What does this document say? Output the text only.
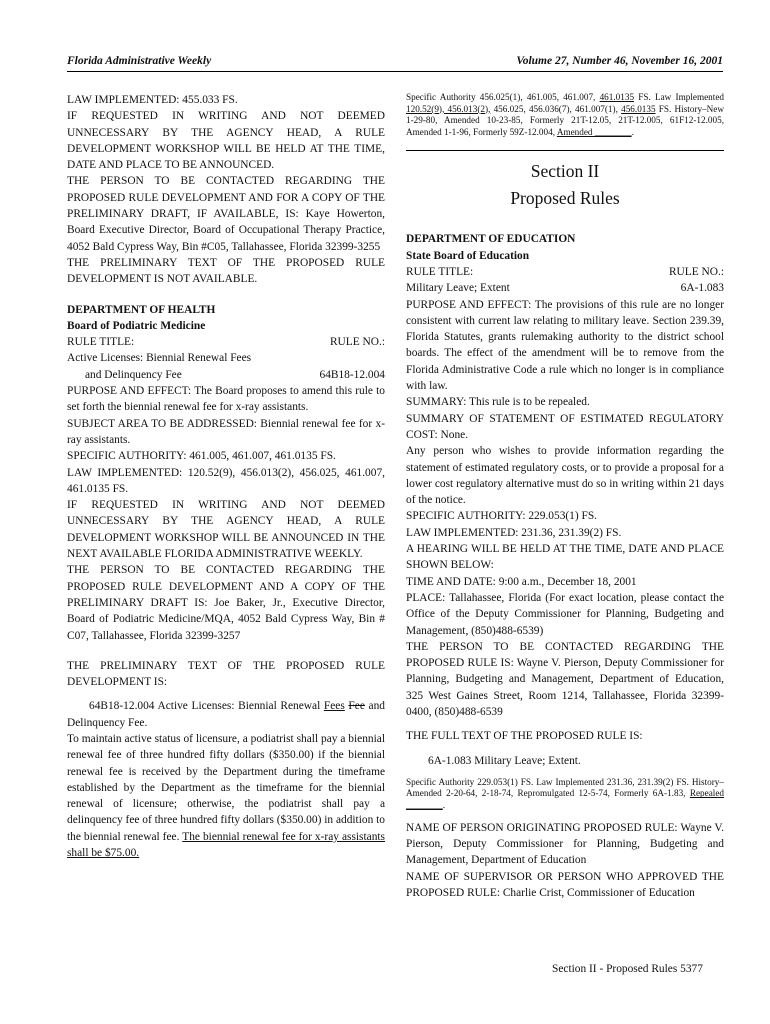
Florida Administrative Weekly	Volume 27, Number 46, November 16, 2001

LAW IMPLEMENTED: 455.033 FS.

IF REQUESTED IN WRITING AND NOT DEEMED UNNECESSARY BY THE AGENCY HEAD, A RULE DEVELOPMENT WORKSHOP WILL BE HELD AT THE TIME, DATE AND PLACE TO BE ANNOUNCED.

THE PERSON TO BE CONTACTED REGARDING THE PROPOSED RULE DEVELOPMENT AND FOR A COPY OF THE PRELIMINARY DRAFT, IF AVAILABLE, IS: Kaye Howerton, Board Executive Director, Board of Occupational Therapy Practice, 4052 Bald Cypress Way, Bin #C05, Tallahassee, Florida 32399-3255

THE PRELIMINARY TEXT OF THE PROPOSED RULE DEVELOPMENT IS NOT AVAILABLE.

DEPARTMENT OF HEALTH

Board of Podiatric Medicine

RULE TITLE:	RULE NO.:

Active Licenses: Biennial Renewal Fees

and Delinquency Fee	64B18-12.004

PURPOSE AND EFFECT: The Board proposes to amend this rule to set forth the biennial renewal fee for x-ray assistants.

SUBJECT AREA TO BE ADDRESSED: Biennial renewal fee for x-ray assistants.

SPECIFIC AUTHORITY: 461.005, 461.007, 461.0135 FS.

LAW IMPLEMENTED: 120.52(9), 456.013(2), 456.025, 461.007, 461.0135 FS.

IF REQUESTED IN WRITING AND NOT DEEMED UNNECESSARY BY THE AGENCY HEAD, A RULE DEVELOPMENT WORKSHOP WILL BE ANNOUNCED IN THE NEXT AVAILABLE FLORIDA ADMINISTRATIVE WEEKLY.

THE PERSON TO BE CONTACTED REGARDING THE PROPOSED RULE DEVELOPMENT AND A COPY OF THE PRELIMINARY DRAFT IS: Joe Baker, Jr., Executive Director, Board of Podiatric Medicine/MQA, 4052 Bald Cypress Way, Bin # C07, Tallahassee, Florida 32399-3257

THE PRELIMINARY TEXT OF THE PROPOSED RULE DEVELOPMENT IS:

64B18-12.004 Active Licenses: Biennial Renewal Fees Fee and Delinquency Fee.

To maintain active status of licensure, a podiatrist shall pay a biennial renewal fee of three hundred fifty dollars ($350.00) if the biennial renewal fee is received by the Department during the timeframe established by the Department as the timeframe for the biennial renewal of licensure; otherwise, the podiatrist shall pay a delinquency fee of three hundred fifty dollars ($350.00) in addition to the biennial renewal fee. The biennial renewal fee for x-ray assistants shall be $75.00.

Specific Authority 456.025(1), 461.005, 461.007, 461.0135 FS. Law Implemented 120.52(9), 456.013(2), 456.025, 456.036(7), 461.007(1), 456.0135 FS. History–New 1-29-80, Amended 10-23-85, Formerly 21T-12.05, 21T-12.005, 61F12-12.005, Amended 1-1-96, Formerly 59Z-12.004, Amended ________.

Section II

Proposed Rules

DEPARTMENT OF EDUCATION

State Board of Education

RULE TITLE:	RULE NO.:
Military Leave; Extent	6A-1.083

PURPOSE AND EFFECT: The provisions of this rule are no longer consistent with current law relating to military leave. Section 239.39, Florida Statutes, grants rulemaking authority to the district school boards. The effect of the amendment will be to remove from the Florida Administrative Code a rule which no longer is in compliance with law.

SUMMARY: This rule is to be repealed.

SUMMARY OF STATEMENT OF ESTIMATED REGULATORY COST: None.

Any person who wishes to provide information regarding the statement of estimated regulatory costs, or to provide a proposal for a lower cost regulatory alternative must do so in writing within 21 days of the notice.

SPECIFIC AUTHORITY: 229.053(1) FS.

LAW IMPLEMENTED: 231.36, 231.39(2) FS.

A HEARING WILL BE HELD AT THE TIME, DATE AND PLACE SHOWN BELOW:

TIME AND DATE: 9:00 a.m., December 18, 2001

PLACE: Tallahassee, Florida (For exact location, please contact the Office of the Deputy Commissioner for Planning, Budgeting and Management, (850)488-6539)

THE PERSON TO BE CONTACTED REGARDING THE PROPOSED RULE IS: Wayne V. Pierson, Deputy Commissioner for Planning, Budgeting and Management, Department of Education, 325 West Gaines Street, Room 1214, Tallahassee, Florida 32399-0400, (850)488-6539

THE FULL TEXT OF THE PROPOSED RULE IS:

6A-1.083 Military Leave; Extent.

Specific Authority 229.053(1) FS. Law Implemented 231.36, 231.39(2) FS. History–Amended 2-20-64, 2-18-74, Repromulgated 12-5-74, Formerly 6A-1.83, Repealed ________.

NAME OF PERSON ORIGINATING PROPOSED RULE: Wayne V. Pierson, Deputy Commissioner for Planning, Budgeting and Management, Department of Education

NAME OF SUPERVISOR OR PERSON WHO APPROVED THE PROPOSED RULE: Charlie Crist, Commissioner of Education

Section II - Proposed Rules 5377
